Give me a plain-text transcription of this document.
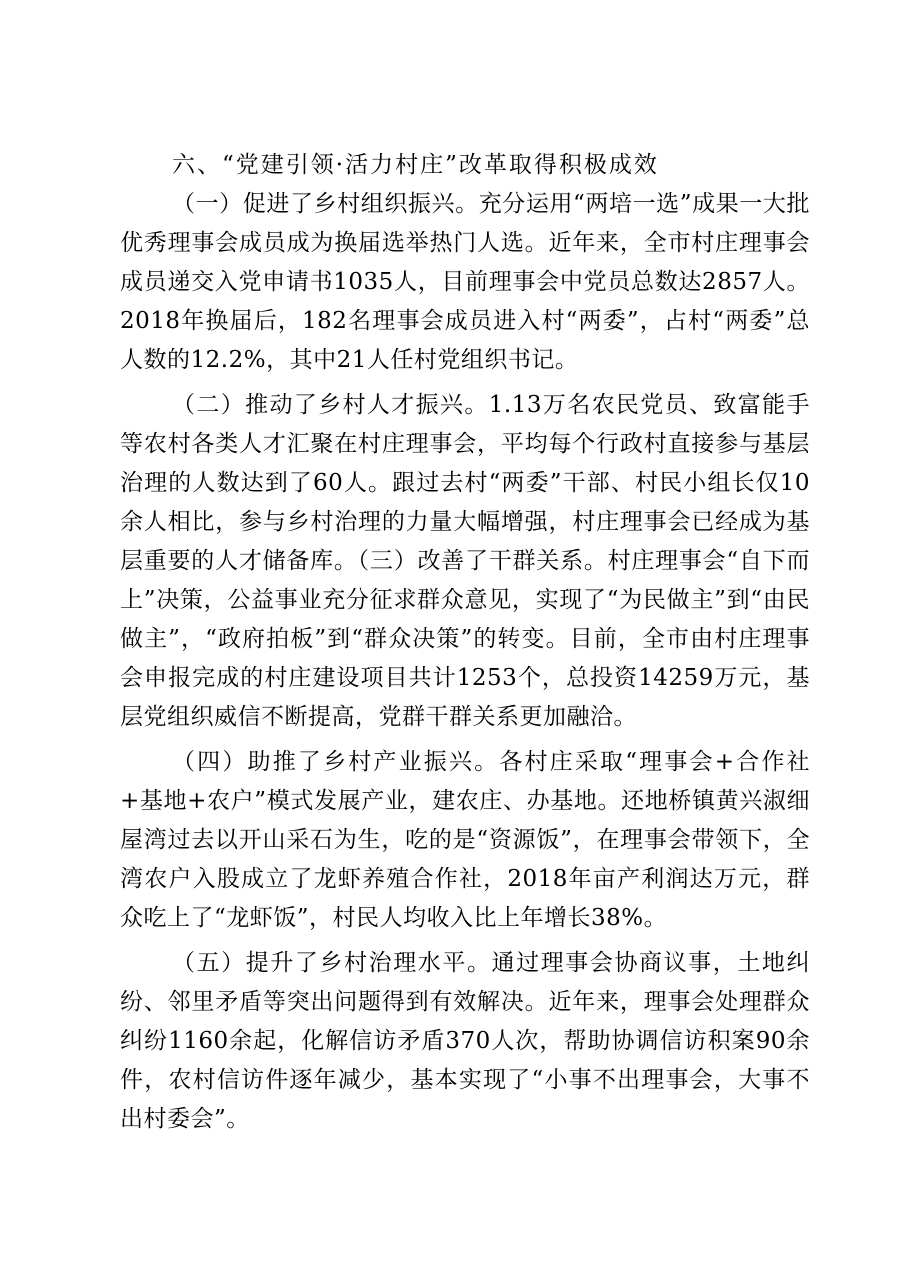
六、“党建引领·活力村庄”改革取得积极成效

（一）促进了乡村组织振兴。充分运用“两培一选”成果一大批优秀理事会成员成为换届选举热门人选。近年来，全市村庄理事会成员递交入党申请书1035人，目前理事会中党员总数达2857人。2018年换届后，182名理事会成员进入村“两委”，占村“两委”总人数的12.2%，其中21人任村党组织书记。

（二）推动了乡村人才振兴。1.13万名农民党员、致富能手等农村各类人才汇聚在村庄理事会，平均每个行政村直接参与基层治理的人数达到了60人。跟过去村“两委”干部、村民小组长仅10余人相比，参与乡村治理的力量大幅增强，村庄理事会已经成为基层重要的人才储备库。（三）改善了干群关系。村庄理事会“自下而上”决策，公益事业充分征求群众意见，实现了“为民做主”到“由民做主”，“政府拍板”到“群众决策”的转变。目前，全市由村庄理事会申报完成的村庄建设项目共计1253个，总投资14259万元，基层党组织威信不断提高，党群干群关系更加融洽。

（四）助推了乡村产业振兴。各村庄采取“理事会+合作社+基地+农户”模式发展产业，建农庄、办基地。还地桥镇黄兴淑细屋湾过去以开山采石为生，吃的是“资源饭”，在理事会带领下，全湾农户入股成立了龙虾养殖合作社，2018年亩产利润达万元，群众吃上了“龙虾饭”，村民人均收入比上年增长38%。

（五）提升了乡村治理水平。通过理事会协商议事，土地纠纷、邻里矛盾等突出问题得到有效解决。近年来，理事会处理群众纠纷1160余起，化解信访矛盾370人次，帮助协调信访积案90余件，农村信访件逐年减少，基本实现了“小事不出理事会，大事不出村委会”。
